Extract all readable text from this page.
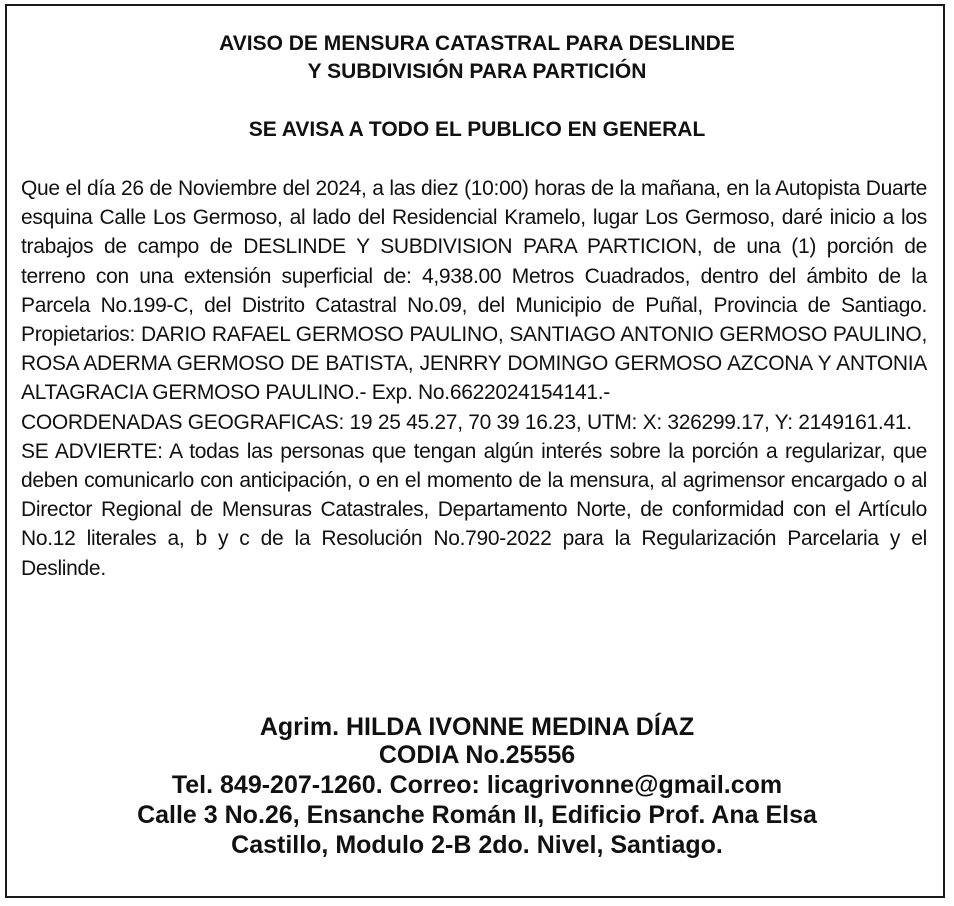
AVISO DE MENSURA CATASTRAL PARA DESLINDE
Y SUBDIVISIÓN PARA PARTICIÓN
SE AVISA A TODO EL PUBLICO EN GENERAL

Que el día 26 de Noviembre del 2024, a las diez (10:00) horas de la mañana, en la Autopista Duarte esquina Calle Los Germoso, al lado del Residencial Kramelo, lugar Los Germoso, daré inicio a los trabajos de campo de DESLINDE Y SUBDIVISION PARA PARTICION, de una (1) porción de terreno con una extensión superficial de: 4,938.00 Metros Cuadrados, dentro del ámbito de la Parcela No.199-C, del Distrito Catastral No.09, del Municipio de Puñal, Provincia de Santiago. Propietarios: DARIO RAFAEL GERMOSO PAULINO, SANTIAGO ANTONIO GERMOSO PAULINO, ROSA ADERMA GERMOSO DE BATISTA, JENRRY DOMINGO GERMOSO AZCONA Y ANTONIA ALTAGRACIA GERMOSO PAULINO.- Exp. No.6622024154141.-

COORDENADAS GEOGRAFICAS: 19 25 45.27, 70 39 16.23, UTM: X: 326299.17, Y: 2149161.41.

SE ADVIERTE: A todas las personas que tengan algún interés sobre la porción a regularizar, que deben comunicarlo con anticipación, o en el momento de la mensura, al agrimensor encargado o al Director Regional de Mensuras Catastrales, Departamento Norte, de conformidad con el Artículo No.12 literales a, b y c de la Resolución No.790-2022 para la Regularización Parcelaria y el Deslinde.

Agrim. HILDA IVONNE MEDINA DÍAZ
CODIA No.25556
Tel. 849-207-1260. Correo: licagrivonne@gmail.com
Calle 3 No.26, Ensanche Román II, Edificio Prof. Ana Elsa
Castillo, Modulo 2-B 2do. Nivel, Santiago.
